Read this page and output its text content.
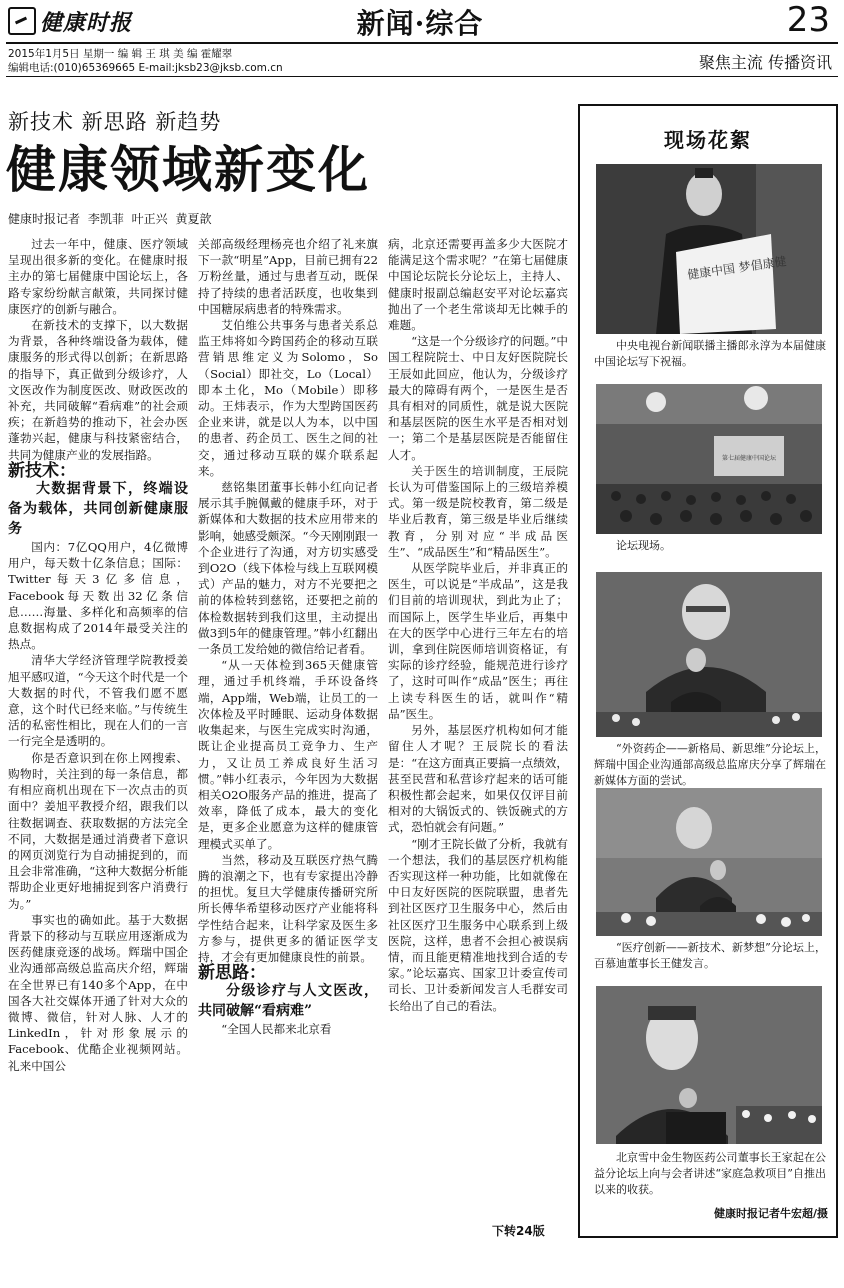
健康时报	新闻·综合	23
2015年1月5日 星期一 编 辑 王 琪 美 编 霍耀翠
编辑电话:(010)65369665 E-mail:jksb23@jksb.com.cn	聚焦主流 传播资讯
新技术 新思路 新趋势
健康领域新变化
健康时报记者 李凯菲 叶正兴 黄夏歆

过去一年中，健康、医疗领域呈现出很多新的变化。在健康时报主办的第七届健康中国论坛上，各路专家纷纷献言献策，共同探讨健康医疗的创新与融合。

在新技术的支撑下，以大数据为背景，各种终端设备为载体，健康服务的形式得以创新；在新思路的指导下，真正做到分级诊疗，人文医改作为制度医改、财政医改的补充，共同破解“看病难”的社会顽疾；在新趋势的推动下，社会办医蓬勃兴起，健康与科技紧密结合，共同为健康产业的发展指路。

新技术：

大数据背景下，终端设备为载体，共同创新健康服务

国内：7亿QQ用户，4亿微博用户，每天数十亿条信息；国际：Twitter每天3亿多信息，Facebook每天数出32亿条信息……海量、多样化和高频率的信息数据构成了2014年最受关注的热点。

清华大学经济管理学院教授姜旭平感叹道，“今天这个时代是一个大数据的时代，不管我们愿不愿意，这个时代已经来临。”与传统生活的私密性相比，现在人们的一言一行完全是透明的。

你是否意识到在你上网搜索、购物时，关注到的每一条信息，都有相应商机出现在下一次点击的页面中？姜旭平教授介绍，跟我们以往数据调查、获取数据的方法完全不同，大数据是通过消费者下意识的网页浏览行为自动捕捉到的，而且会非常准确，“这种大数据分析能帮助企业更好地捕捉到客户消费行为。”

事实也的确如此。基于大数据背景下的移动与互联应用逐渐成为医药健康竞逐的战场。辉瑞中国企业沟通部高级总监高庆介绍，辉瑞在全世界已有140多个App，在中国各大社交媒体开通了针对大众的微博、微信，针对人脉、人才的LinkedIn，针对形象展示的Facebook、优酷企业视频网站。礼来中国公

关部高级经理杨亮也介绍了礼来旗下一款“明星”App，目前已拥有22万粉丝量，通过与患者互动，既保持了持续的患者活跃度，也收集到中国糖尿病患者的特殊需求。

艾伯维公共事务与患者关系总监王炜将如今跨国药企的移动互联营销思维定义为Solomo，So（Social）即社交，Lo（Local）即本土化，Mo（Mobile）即移动。王炜表示，作为大型跨国医药企业来讲，就是以人为本，以中国的患者、药企员工、医生之间的社交，通过移动互联的媒介联系起来。

慈铭集团董事长韩小红向记者展示其手腕佩戴的健康手环，对于新媒体和大数据的技术应用带来的影响，她感受颇深。“今天刚刚跟一个企业进行了沟通，对方切实感受到O2O（线下体检与线上互联网模式）产品的魅力，对方不光要把之前的体检转到慈铭，还要把之前的体检数据转到我们这里，主动提出做3到5年的健康管理。”韩小红翻出一条员工发给她的微信给记者看。

“从一天体检到365天健康管理，通过手机终端，手环设备终端，App端，Web端，让员工的一次体检及平时睡眠、运动身体数据收集起来，与医生完成实时沟通，既让企业提高员工竞争力、生产力，又让员工养成良好生活习惯。”韩小红表示，今年因为大数据相关O2O服务产品的推进，提高了效率，降低了成本，最大的变化是，更多企业愿意为这样的健康管理模式买单了。

当然，移动及互联医疗热气腾腾的浪潮之下，也有专家提出冷静的担忧。复旦大学健康传播研究所所长傅华希望移动医疗产业能将科学性结合起来，让科学家及医生多方参与，提供更多的循证医学支持，才会有更加健康良性的前景。

新思路：

分级诊疗与人文医改，共同破解“看病难”

“全国人民都来北京看

病，北京还需要再盖多少大医院才能满足这个需求呢？”在第七届健康中国论坛院长分论坛上，主持人、健康时报副总编赵安平对论坛嘉宾抛出了一个老生常谈却无比棘手的难题。

“这是一个分级诊疗的问题。”中国工程院院士、中日友好医院院长王辰如此回应，他认为，分级诊疗最大的障碍有两个，一是医生是否具有相对的同质性，就是说大医院和基层医院的医生水平是否相对划一；第二个是基层医院是否能留住人才。

关于医生的培训制度，王辰院长认为可借鉴国际上的三级培养模式。第一级是院校教育，第二级是毕业后教育，第三级是毕业后继续教育，分别对应“半成品医生”、“成品医生”和“精品医生”。

从医学院毕业后，并非真正的医生，可以说是“半成品”，这是我们目前的培训现状，到此为止了；而国际上，医学生毕业后，再集中在大的医学中心进行三年左右的培训，拿到住院医师培训资格证，有实际的诊疗经验，能规范进行诊疗了，这时可叫作“成品”医生；再往上读专科医生的话，就叫作“精品”医生。

另外，基层医疗机构如何才能留住人才呢？王辰院长的看法是：“在这方面真正要搞一点绩效，甚至民营和私营诊疗起来的话可能积极性都会起来，如果仅仅评目前相对的大锅饭式的、铁饭碗式的方式，恐怕就会有问题。”

“刚才王院长做了分析，我就有一个想法，我们的基层医疗机构能否实现这样一种功能，比如就像在中日友好医院的医院联盟，患者先到社区医疗卫生服务中心，然后由社区医疗卫生服务中心联系到上级医院，这样，患者不会担心被误病情，而且能更精准地找到合适的专家。”论坛嘉宾、国家卫计委宣传司司长、卫计委新闻发言人毛群安司长给出了自己的看法。

下转24版
现场花絮
健康中国 梦倡康健

中央电视台新闻联播主播郎永淳为本届健康中国论坛写下祝福。

第七届健康中国论坛

论坛现场。

“外资药企——新格局、新思维”分论坛上，辉瑞中国企业沟通部高级总监席庆分享了辉瑞在新媒体方面的尝试。

“医疗创新——新技术、新梦想”分论坛上，百慕迪董事长王健发言。

北京雪中金生物医药公司董事长王家起在公益分论坛上向与会者讲述“家庭急救项目”自推出以来的收获。

健康时报记者牛宏超/摄
